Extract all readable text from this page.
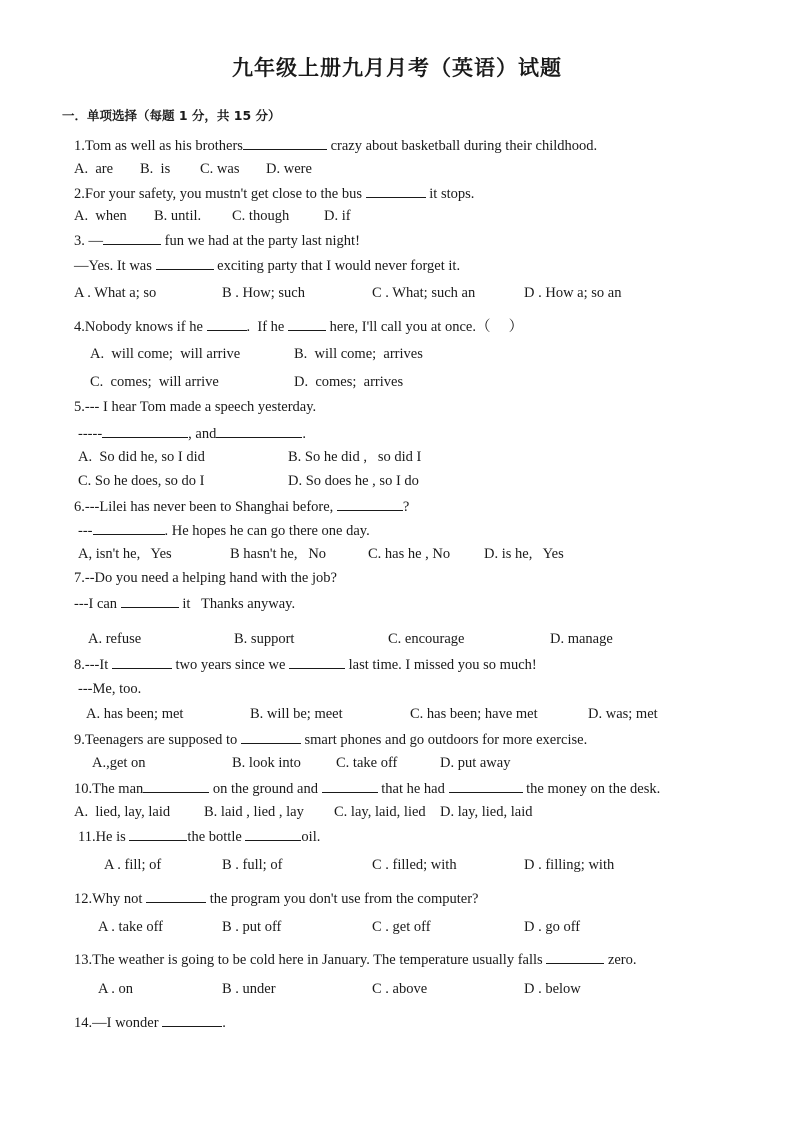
九年级上册九月月考（英语）试题
一．单项选择（每题 1 分，共 15 分）
1.Tom as well as his brothers	crazy about basketball during their childhood.
A.  are B.  is C. was D. were
2.For your safety, you mustn't get close to the bus	it stops.
A.  when B. until. C. though D. if
3. —	fun we had at the party last night!
—Yes. It was	exciting party that I would never forget it.
A . What a; so	B . How; such	C . What; such an	D . How a; so an
4.Nobody knows if he	.  If he	here, I'll call you at once.（     ）
A.  will come;  will arrive	B.  will come;  arrives
C.  comes;  will arrive	D.  comes;  arrives
5.--- I hear Tom made a speech yesterday.
-----	, and	.
A.  So did he, so I did	B. So he did ,   so did I
C. So he does, so do I	D. So does he , so I do
6.---Lilei has never been to Shanghai before,	?
---	. He hopes he can go there one day.
A, isn't he,   Yes	B hasn't he,   No	C. has he , No D. is he,   Yes
7.--Do you need a helping hand with the job?
---I can	it   Thanks anyway.
A. refuse	B. support	C. encourage	D. manage
8.---It	two years since we	last time. I missed you so much!
---Me, too.
A. has been; met	B. will be; meet	C. has been; have met	D. was; met
9.Teenagers are supposed to	smart phones and go outdoors for more exercise.
A.,get on	B. look into C. take off	D. put away
10.The man	on the ground and	that he had	the money on the desk.
A.  lied, lay, laid B. laid , lied , lay C. lay, laid, lied D. lay, lied, laid
11.He is	the bottle	oil.
A . fill; of	B . full; of	C . filled; with	D . filling; with
12.Why not	the program you don't use from the computer?
A . take off	B . put off	C . get off	D . go off
13.The weather is going to be cold here in January. The temperature usually falls	zero.
A . on	B . under	C . above	D . below
14.—I wonder	.
